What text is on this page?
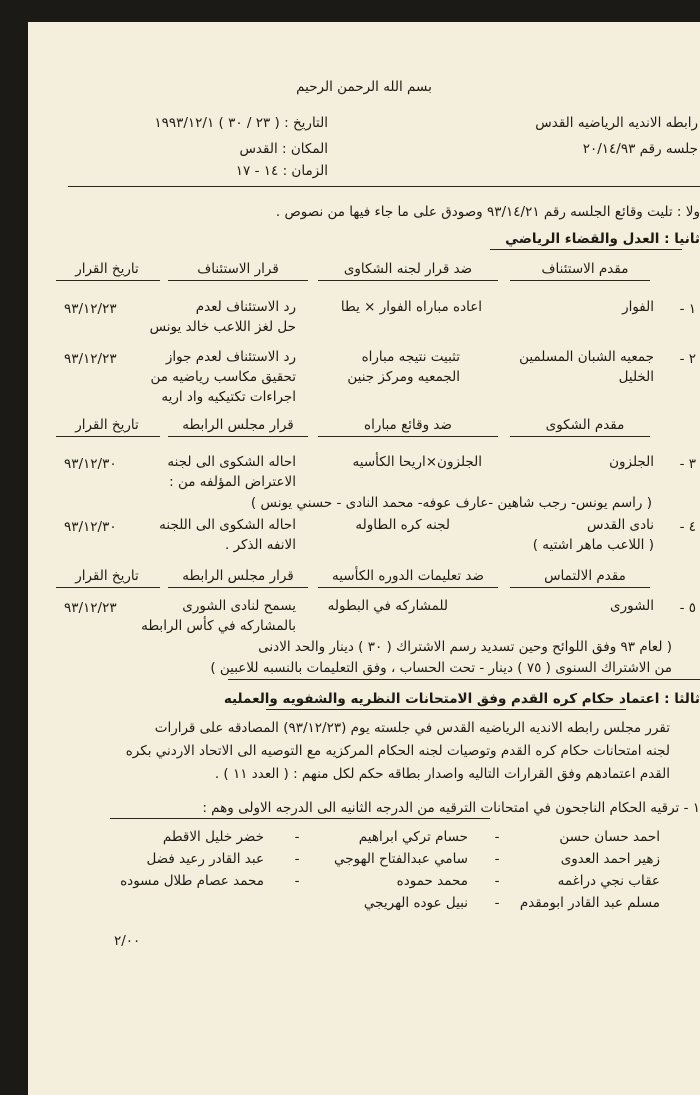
بسم الله الرحمن الرحيم
رابطه الانديه الرياضيه القدس
جلسه رقم ٢٠/١٤/٩٣
التاريخ : ( ٢٣ / ٣٠ ) ١٩٩٣/١٢/١
المكان : القدس
الزمان : ١٤ - ١٧
ولا : تليت وقائع الجلسه رقم ٩٣/١٤/٢١ وصودق على ما جاء فيها من نصوص .
ثانيا : العدل والقضاء الرياضي
مقدم الاستئناف
ضد قرار لجنه الشكاوى
قرار الاستئناف
تاريخ القرار
١ -
الفوار
اعاده مباراه الفوار × يطا
رد الاستئناف لعدم
حل لغز اللاعب خالد يونس
٩٣/١٢/٢٣
٢ -
جمعيه الشبان المسلمين
الخليل
تثبيت نتيجه مباراه
الجمعيه ومركز جنين
رد الاستئناف لعدم جواز
تحقيق مكاسب رياضيه من
اجراءات تكتيكيه واد اريه
٩٣/١٢/٢٣
مقدم الشكوى
ضد وقائع مباراه
قرار مجلس الرابطه
تاريخ القرار
٣ -
الجلزون
الجلزون×اريحا الكأسيه
احاله الشكوى الى لجنه
الاعتراض المؤلفه من :
٩٣/١٢/٣٠
( راسم يونس- رجب شاهين -عارف عوفه- محمد النادى - حسني يونس )
٤ -
نادى القدس
( اللاعب ماهر اشتيه )
لجنه كره الطاوله
احاله الشكوى الى اللجنه
الانفه الذكر .
٩٣/١٢/٣٠
مقدم الالتماس
ضد تعليمات الدوره الكأسيه
قرار مجلس الرابطه
تاريخ القرار
٥ -
الشورى
للمشاركه في البطوله
يسمح لنادى الشورى
بالمشاركه في كأس الرابطه
٩٣/١٢/٢٣
( لعام ٩٣ وفق اللوائح وحين تسديد رسم الاشتراك ( ٣٠ ) دينار والحد الادنى
من الاشتراك السنوى ( ٧٥ ) دينار - تحت الحساب ، وفق التعليمات بالنسبه للاعبين )
ثالثا : اعتماد حكام كره القدم وفق الامتحانات النظريه والشفويه والعمليه
تقرر مجلس رابطه الانديه الرياضيه القدس في جلسته يوم (٩٣/١٢/٢٣) المصادقه على قرارات
لجنه امتحانات حكام كره القدم وتوصيات لجنه الحكام المركزيه مع التوصيه الى الاتحاد الاردني بكره
القدم اعتمادهم وفق القرارات التاليه واصدار بطاقه حكم لكل منهم : ( العدد ١١ ) .
١ - ترقيه الحكام الناجحون في امتحانات الترقيه من الدرجه الثانيه الى الدرجه الاولى وهم :
احمد حسان حسن
-
حسام تركي ابراهيم
-
خضر خليل الاقطم
زهير احمد العدوى
-
سامي عبدالفتاح الهوجي
-
عبد القادر رعيد فضل
عقاب نجي دراغمه
-
محمد حموده
-
محمد عصام طلال مسوده
مسلم عبد القادر ابومقدم
-
نبيل عوده الهريجي
٢/٠٠
